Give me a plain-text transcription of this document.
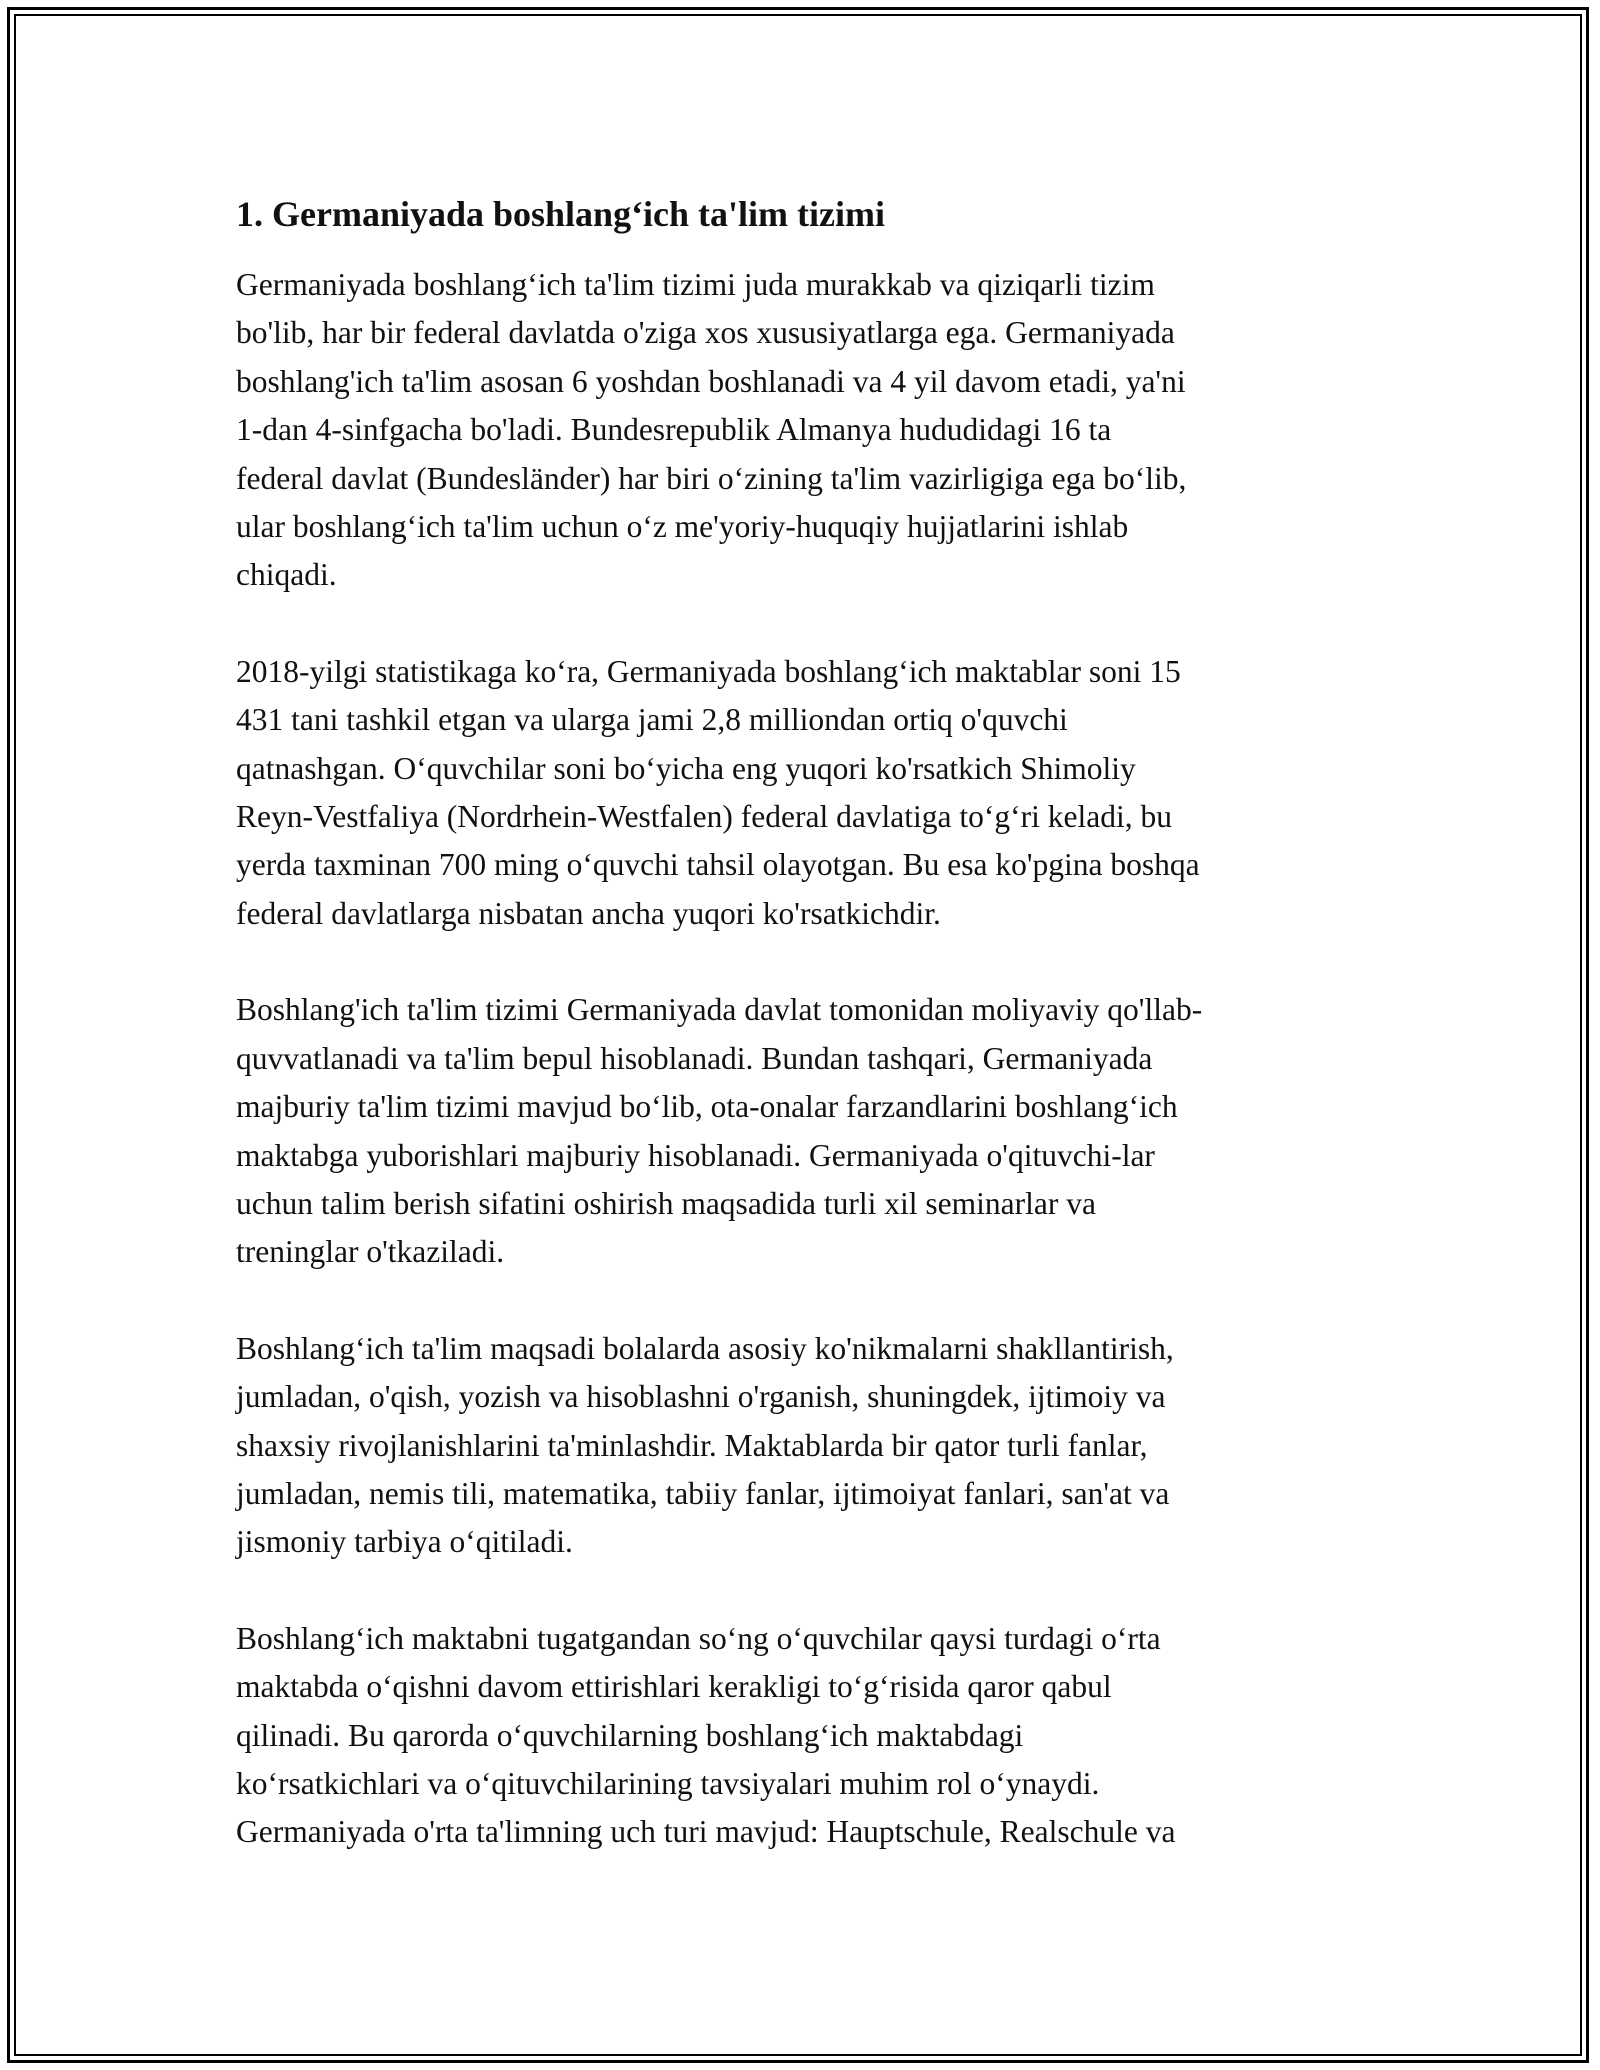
1. Germaniyada boshlang‘ich ta'lim tizimi

Germaniyada boshlang‘ich ta'lim tizimi juda murakkab va qiziqarli tizim
bo'lib, har bir federal davlatda o'ziga xos xususiyatlarga ega. Germaniyada
boshlang'ich ta'lim asosan 6 yoshdan boshlanadi va 4 yil davom etadi, ya'ni
1-dan 4-sinfgacha bo'ladi. Bundesrepublik Almanya hududidagi 16 ta
federal davlat (Bundesländer) har biri o‘zining ta'lim vazirligiga ega bo‘lib,
ular boshlang‘ich ta'lim uchun o‘z me'yoriy-huquqiy hujjatlarini ishlab
chiqadi.

2018-yilgi statistikaga ko‘ra, Germaniyada boshlang‘ich maktablar soni 15
431 tani tashkil etgan va ularga jami 2,8 milliondan ortiq o'quvchi
qatnashgan. O‘quvchilar soni bo‘yicha eng yuqori ko'rsatkich Shimoliy
Reyn-Vestfaliya (Nordrhein-Westfalen) federal davlatiga to‘g‘ri keladi, bu
yerda taxminan 700 ming o‘quvchi tahsil olayotgan. Bu esa ko'pgina boshqa
federal davlatlarga nisbatan ancha yuqori ko'rsatkichdir.

Boshlang'ich ta'lim tizimi Germaniyada davlat tomonidan moliyaviy qo'llab-
quvvatlanadi va ta'lim bepul hisoblanadi. Bundan tashqari, Germaniyada
majburiy ta'lim tizimi mavjud bo‘lib, ota-onalar farzandlarini boshlang‘ich
maktabga yuborishlari majburiy hisoblanadi. Germaniyada o'qituvchi-lar
uchun talim berish sifatini oshirish maqsadida turli xil seminarlar va
treninglar o'tkaziladi.

Boshlang‘ich ta'lim maqsadi bolalarda asosiy ko'nikmalarni shakllantirish,
jumladan, o'qish, yozish va hisoblashni o'rganish, shuningdek, ijtimoiy va
shaxsiy rivojlanishlarini ta'minlashdir. Maktablarda bir qator turli fanlar,
jumladan, nemis tili, matematika, tabiiy fanlar, ijtimoiyat fanlari, san'at va
jismoniy tarbiya o‘qitiladi.

Boshlang‘ich maktabni tugatgandan so‘ng o‘quvchilar qaysi turdagi o‘rta
maktabda o‘qishni davom ettirishlari kerakligi to‘g‘risida qaror qabul
qilinadi. Bu qarorda o‘quvchilarning boshlang‘ich maktabdagi
ko‘rsatkichlari va o‘qituvchilarining tavsiyalari muhim rol o‘ynaydi.
Germaniyada o'rta ta'limning uch turi mavjud: Hauptschule, Realschule va
